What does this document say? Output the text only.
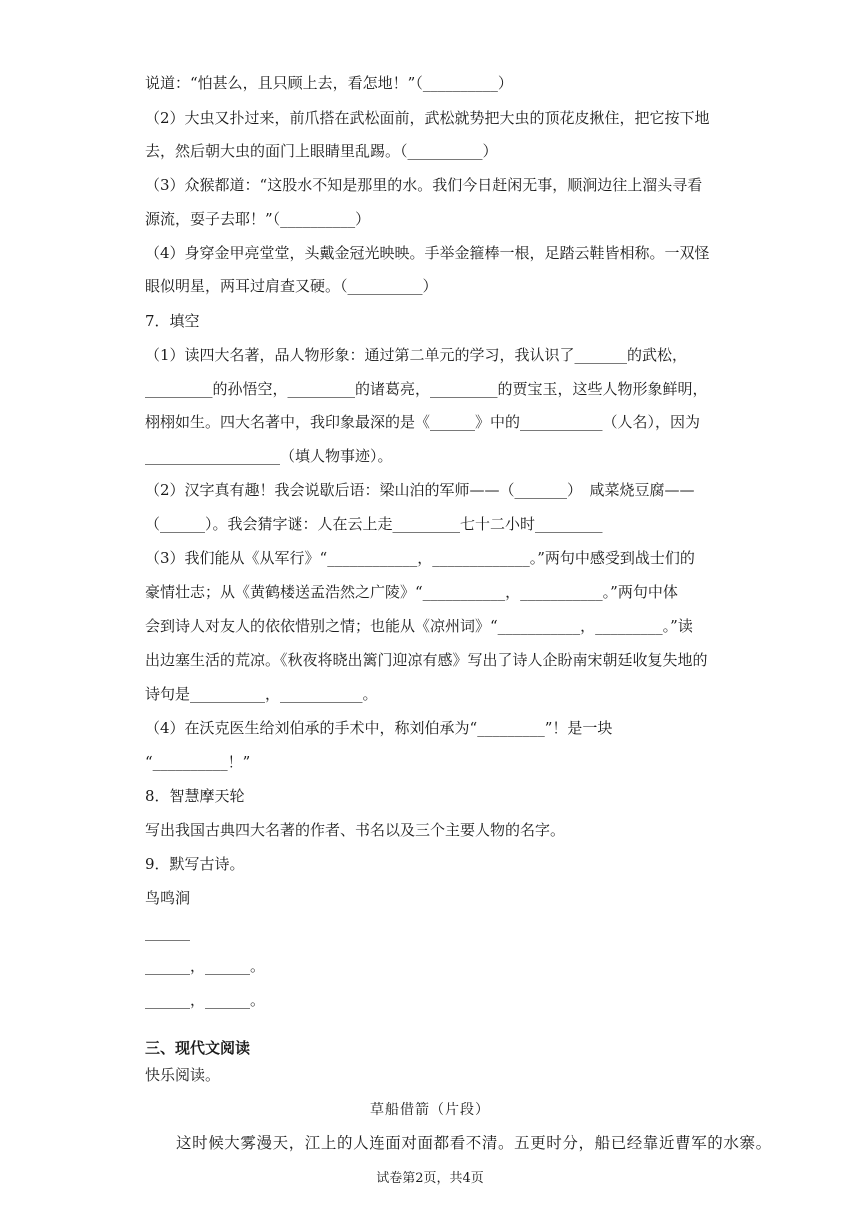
说道：“怕甚么，且只顾上去，看怎地！”（__________）
（2）大虫又扑过来，前爪搭在武松面前，武松就势把大虫的顶花皮揪住，把它按下地
去，然后朝大虫的面门上眼睛里乱踢。（__________）
（3）众猴都道：“这股水不知是那里的水。我们今日赶闲无事，顺涧边往上溜头寻看
源流，耍子去耶！”（__________）
（4）身穿金甲亮堂堂，头戴金冠光映映。手举金箍棒一根，足踏云鞋皆相称。一双怪
眼似明星，两耳过肩查又硬。（__________）
7．填空
（1）读四大名著，品人物形象：通过第二单元的学习，我认识了_______的武松，
_________的孙悟空，_________的诸葛亮，_________的贾宝玉，这些人物形象鲜明，
栩栩如生。四大名著中，我印象最深的是《______》中的___________（人名），因为
__________________（填人物事迹）。
（2）汉字真有趣！我会说歇后语：梁山泊的军师——（_______）　咸菜烧豆腐——
（______）。我会猜字谜：人在云上走_________七十二小时_________
（3）我们能从《从军行》“____________，_____________。”两句中感受到战士们的
豪情壮志；从《黄鹤楼送孟浩然之广陵》“___________，___________。”两句中体
会到诗人对友人的依依惜别之情；也能从《凉州词》“___________，_________。”读
出边塞生活的荒凉。《秋夜将晓出篱门迎凉有感》写出了诗人企盼南宋朝廷收复失地的
诗句是__________，___________。
（4）在沃克医生给刘伯承的手术中，称刘伯承为“_________”！是一块
“__________！”
8．智慧摩天轮
写出我国古典四大名著的作者、书名以及三个主要人物的名字。
9．默写古诗。
鸟鸣涧
______
______，______。
______，______。
三、现代文阅读
快乐阅读。
草船借箭（片段）
这时候大雾漫天，江上的人连面对面都看不清。五更时分，船已经靠近曹军的水寨。
试卷第2页，共4页
